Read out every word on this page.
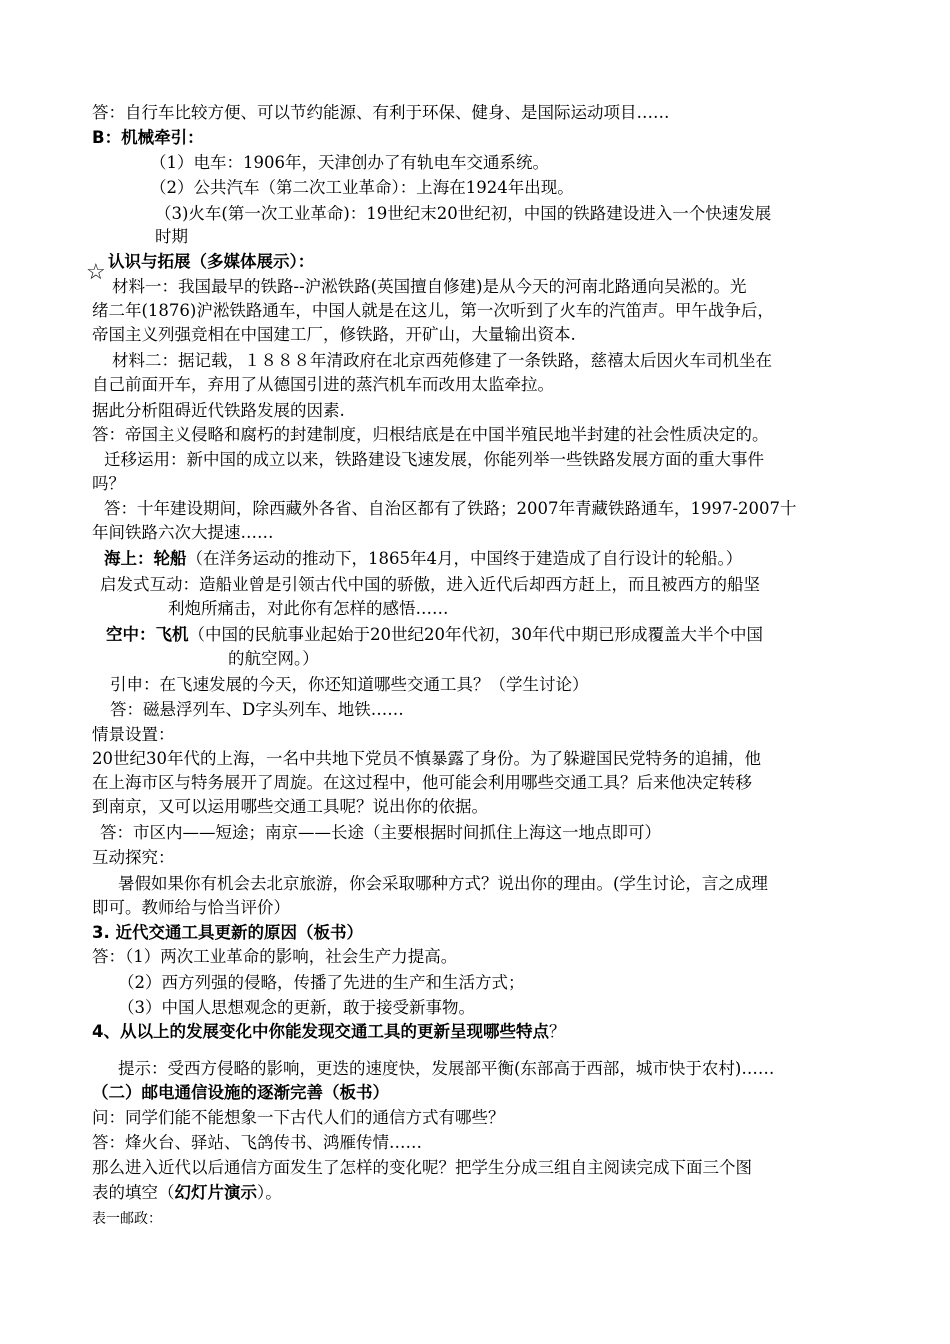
答：自行车比较方便、可以节约能源、有利于环保、健身、是国际运动项目……
B：机械牵引：
（1）电车：1906年，天津创办了有轨电车交通系统。
（2）公共汽车（第二次工业革命）：上海在1924年出现。
（3)火车(第一次工业革命)：19世纪末20世纪初，中国的铁路建设进入一个快速发展
时期
☆ 认识与拓展（多媒体展示）：
材料一：我国最早的铁路--沪淞铁路(英国擅自修建)是从今天的河南北路通向吴淞的。光
绪二年(1876)沪淞铁路通车，中国人就是在这儿，第一次听到了火车的汽笛声。甲午战争后，
帝国主义列强竞相在中国建工厂，修铁路，开矿山，大量输出资本.
材料二：据记载，１８８８年清政府在北京西苑修建了一条铁路，慈禧太后因火车司机坐在
自己前面开车，弃用了从德国引进的蒸汽机车而改用太监牵拉。
据此分析阻碍近代铁路发展的因素.
答：帝国主义侵略和腐朽的封建制度，归根结底是在中国半殖民地半封建的社会性质决定的。
迁移运用：新中国的成立以来，铁路建设飞速发展，你能列举一些铁路发展方面的重大事件
吗？
答：十年建设期间，除西藏外各省、自治区都有了铁路；2007年青藏铁路通车，1997-2007十
年间铁路六次大提速……
海上：轮船（在洋务运动的推动下，1865年4月，中国终于建造成了自行设计的轮船。）
启发式互动：造船业曾是引领古代中国的骄傲，进入近代后却西方赶上，而且被西方的船坚
利炮所痛击，对此你有怎样的感悟……
空中：飞机（中国的民航事业起始于20世纪20年代初，30年代中期已形成覆盖大半个中国
的航空网。）
引申：在飞速发展的今天，你还知道哪些交通工具？（学生讨论）
答：磁悬浮列车、D字头列车、地铁……
情景设置：
20世纪30年代的上海，一名中共地下党员不慎暴露了身份。为了躲避国民党特务的追捕，他
在上海市区与特务展开了周旋。在这过程中，他可能会利用哪些交通工具？后来他决定转移
到南京，又可以运用哪些交通工具呢？说出你的依据。
答：市区内——短途；南京——长途（主要根据时间抓住上海这一地点即可）
互动探究：
暑假如果你有机会去北京旅游，你会采取哪种方式？说出你的理由。(学生讨论，言之成理
即可。教师给与恰当评价）
3. 近代交通工具更新的原因（板书）
答：（1）两次工业革命的影响，社会生产力提高。
（2）西方列强的侵略，传播了先进的生产和生活方式；
（3）中国人思想观念的更新，敢于接受新事物。
4、从以上的发展变化中你能发现交通工具的更新呈现哪些特点？
提示：受西方侵略的影响，更迭的速度快，发展部平衡(东部高于西部，城市快于农村)……
（二）邮电通信设施的逐渐完善（板书）
问：同学们能不能想象一下古代人们的通信方式有哪些？
答：烽火台、驿站、飞鸽传书、鸿雁传情……
那么进入近代以后通信方面发生了怎样的变化呢？把学生分成三组自主阅读完成下面三个图
表的填空（幻灯片演示）。
表一邮政：
